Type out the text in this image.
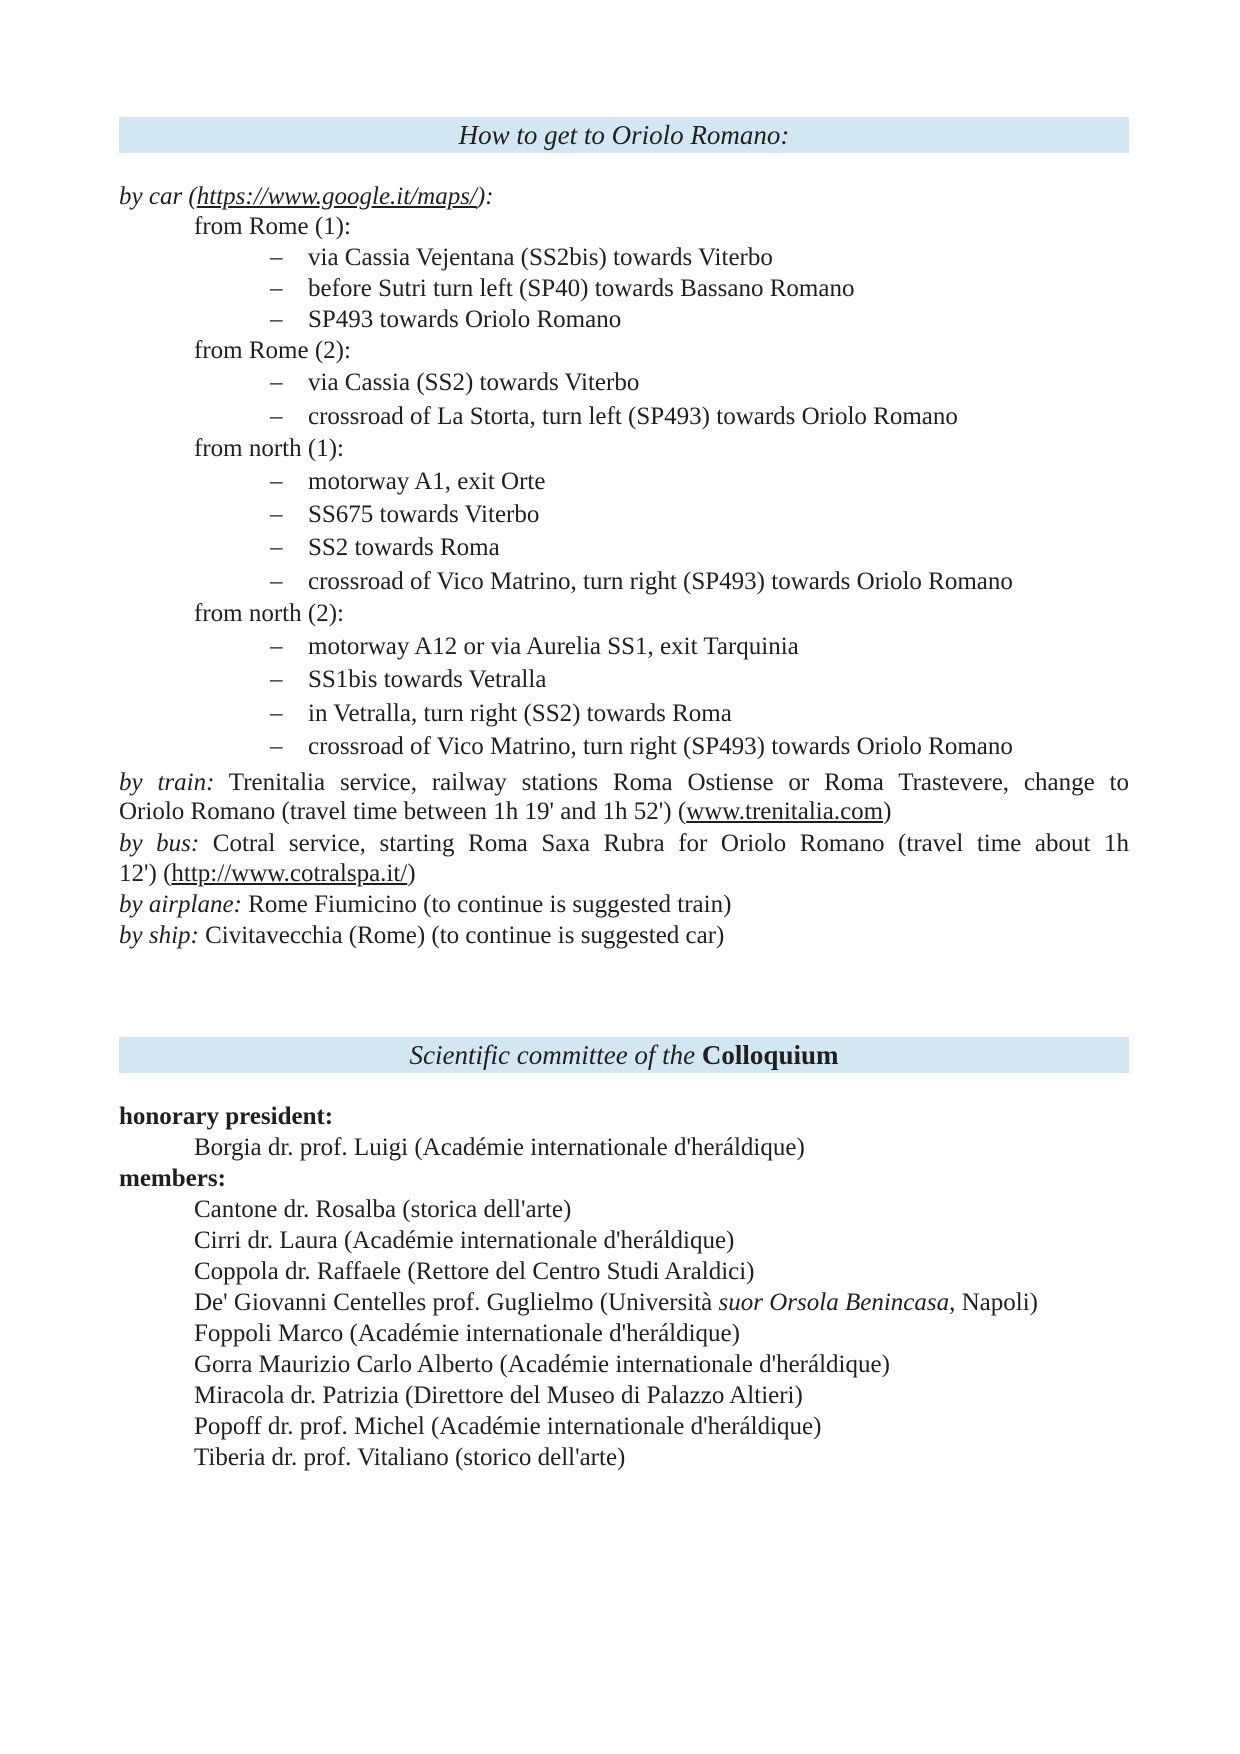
How to get to Oriolo Romano:
by car (https://www.google.it/maps/):
from Rome (1):
– via Cassia Vejentana (SS2bis) towards Viterbo
– before Sutri turn left (SP40) towards Bassano Romano
– SP493 towards Oriolo Romano
from Rome (2):
– via Cassia (SS2) towards Viterbo
– crossroad of La Storta, turn left (SP493) towards Oriolo Romano
from north (1):
– motorway A1, exit Orte
– SS675 towards Viterbo
– SS2 towards Roma
– crossroad of Vico Matrino, turn right (SP493) towards Oriolo Romano
from north (2):
– motorway A12 or via Aurelia SS1, exit Tarquinia
– SS1bis towards Vetralla
– in Vetralla, turn right (SS2) towards Roma
– crossroad of Vico Matrino, turn right (SP493) towards Oriolo Romano
by train: Trenitalia service, railway stations Roma Ostiense or Roma Trastevere, change to
Oriolo Romano (travel time between 1h 19' and 1h 52') (www.trenitalia.com)
by bus: Cotral service, starting Roma Saxa Rubra for Oriolo Romano (travel time about 1h
12') (http://www.cotralspa.it/)
by airplane: Rome Fiumicino (to continue is suggested train)
by ship: Civitavecchia (Rome) (to continue is suggested car)
Scientific committee of the Colloquium
honorary president:
Borgia dr. prof. Luigi (Académie internationale d'heráldique)
members:
Cantone dr. Rosalba (storica dell'arte)
Cirri dr. Laura (Académie internationale d'heráldique)
Coppola dr. Raffaele (Rettore del Centro Studi Araldici)
De' Giovanni Centelles prof. Guglielmo (Università suor Orsola Benincasa, Napoli)
Foppoli Marco (Académie internationale d'heráldique)
Gorra Maurizio Carlo Alberto (Académie internationale d'heráldique)
Miracola dr. Patrizia (Direttore del Museo di Palazzo Altieri)
Popoff dr. prof. Michel (Académie internationale d'heráldique)
Tiberia dr. prof. Vitaliano (storico dell'arte)
